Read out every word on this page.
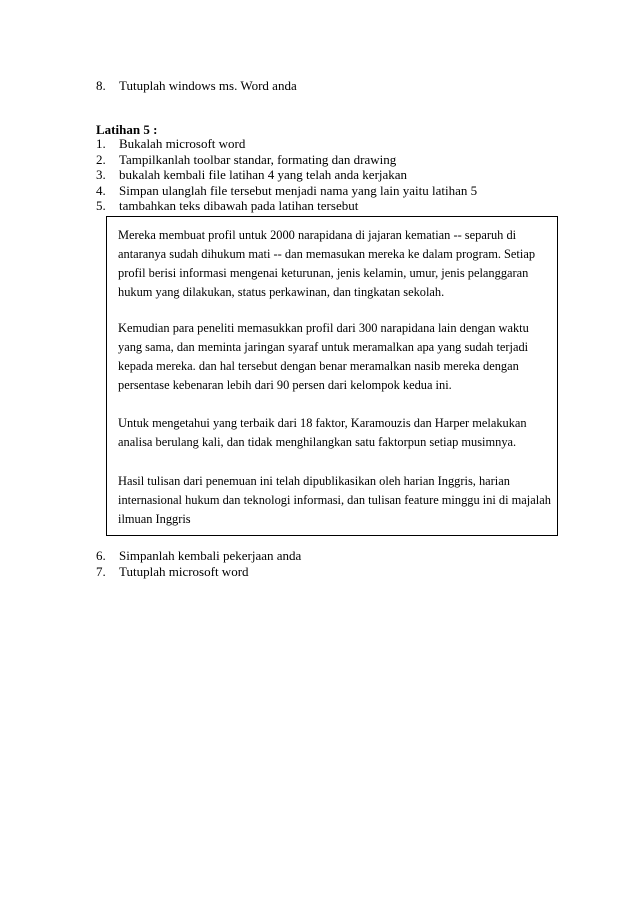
8.	Tutuplah windows ms. Word anda
Latihan 5 :
1.	Bukalah microsoft word
2.	Tampilkanlah toolbar standar, formating dan drawing
3.	bukalah kembali file latihan 4 yang telah anda kerjakan
4.	Simpan ulanglah file tersebut menjadi nama yang lain yaitu latihan 5
5.	tambahkan teks dibawah pada latihan tersebut

Mereka membuat profil untuk 2000 narapidana di jajaran kematian -- separuh di antaranya sudah dihukum mati -- dan memasukan mereka ke dalam program. Setiap profil berisi informasi mengenai keturunan, jenis kelamin, umur, jenis pelanggaran hukum yang dilakukan, status perkawinan, dan tingkatan sekolah.

Kemudian para peneliti memasukkan profil dari 300 narapidana lain dengan waktu yang sama, dan meminta jaringan syaraf untuk meramalkan apa yang sudah terjadi kepada mereka. dan hal tersebut dengan benar meramalkan nasib mereka dengan persentase kebenaran lebih dari 90 persen dari kelompok kedua ini.

Untuk mengetahui yang terbaik dari 18 faktor, Karamouzis dan Harper melakukan analisa berulang kali, dan tidak menghilangkan satu faktorpun setiap musimnya.

Hasil tulisan dari penemuan ini telah dipublikasikan oleh harian Inggris, harian internasional hukum dan teknologi informasi, dan tulisan feature minggu ini di majalah ilmuan Inggris

6.	Simpanlah kembali pekerjaan anda
7.	Tutuplah microsoft word
